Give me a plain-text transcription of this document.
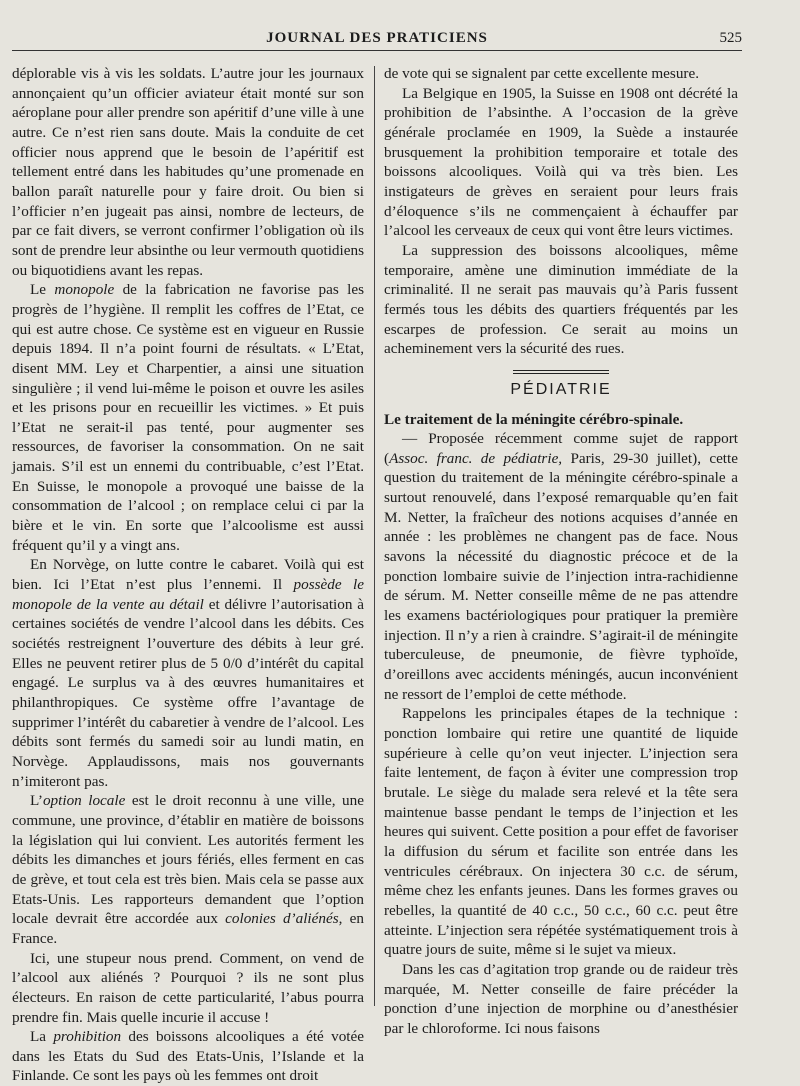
JOURNAL DES PRATICIENS	525

déplorable vis à vis les soldats. L’autre jour les journaux annonçaient qu’un officier aviateur était monté sur son aéroplane pour aller prendre son apéritif d’une ville à une autre. Ce n’est rien sans doute. Mais la conduite de cet officier nous apprend que le besoin de l’apéritif est tellement entré dans les habitudes qu’une promenade en ballon paraît naturelle pour y faire droit. Ou bien si l’officier n’en jugeait pas ainsi, nombre de lecteurs, de par ce fait divers, se verront confirmer l’obligation où ils sont de prendre leur absinthe ou leur vermouth quotidiens ou biquotidiens avant les repas.

Le monopole de la fabrication ne favorise pas les progrès de l’hygiène. Il remplit les coffres de l’Etat, ce qui est autre chose. Ce système est en vigueur en Russie depuis 1894. Il n’a point fourni de résultats. « L’Etat, disent MM. Ley et Charpentier, a ainsi une situation singulière ; il vend lui-même le poison et ouvre les asiles et les prisons pour en recueillir les victimes. » Et puis l’Etat ne serait-il pas tenté, pour augmenter ses ressources, de favoriser la consommation. On ne sait jamais. S’il est un ennemi du contribuable, c’est l’Etat. En Suisse, le monopole a provoqué une baisse de la consommation de l’alcool ; on remplace celui ci par la bière et le vin. En sorte que l’alcoolisme est aussi fréquent qu’il y a vingt ans.

En Norvège, on lutte contre le cabaret. Voilà qui est bien. Ici l’Etat n’est plus l’ennemi. Il possède le monopole de la vente au détail et délivre l’autorisation à certaines sociétés de vendre l’alcool dans les débits. Ces sociétés restreignent l’ouverture des débits à leur gré. Elles ne peuvent retirer plus de 5 0/0 d’intérêt du capital engagé. Le surplus va à des œuvres humanitaires et philanthropiques. Ce système offre l’avantage de supprimer l’intérêt du cabaretier à vendre de l’alcool. Les débits sont fermés du samedi soir au lundi matin, en Norvège. Applaudissons, mais nos gouvernants n’imiteront pas.

L’option locale est le droit reconnu à une ville, une commune, une province, d’établir en matière de boissons la législation qui lui convient. Les autorités ferment les débits les dimanches et jours fériés, elles ferment en cas de grève, et tout cela est très bien. Mais cela se passe aux Etats-Unis. Les rapporteurs demandent que l’option locale devrait être accordée aux colonies d’aliénés, en France.

Ici, une stupeur nous prend. Comment, on vend de l’alcool aux aliénés ? Pourquoi ? ils ne sont plus électeurs. En raison de cette particularité, l’abus pourra prendre fin. Mais quelle incurie il accuse !

La prohibition des boissons alcooliques a été votée dans les Etats du Sud des Etats-Unis, l’Islande et la Finlande. Ce sont les pays où les femmes ont droit

de vote qui se signalent par cette excellente mesure.

La Belgique en 1905, la Suisse en 1908 ont décrété la prohibition de l’absinthe. A l’occasion de la grève générale proclamée en 1909, la Suède a instaurée brusquement la prohibition temporaire et totale des boissons alcooliques. Voilà qui va très bien. Les instigateurs de grèves en seraient pour leurs frais d’éloquence s’ils ne commençaient à échauffer par l’alcool les cerveaux de ceux qui vont être leurs victimes.

La suppression des boissons alcooliques, même temporaire, amène une diminution immédiate de la criminalité. Il ne serait pas mauvais qu’à Paris fussent fermés tous les débits des quartiers fréquentés par les escarpes de profession. Ce serait au moins un acheminement vers la sécurité des rues.

PÉDIATRIE

Le traitement de la méningite cérébro-spinale.

— Proposée récemment comme sujet de rapport (Assoc. franc. de pédiatrie, Paris, 29-30 juillet), cette question du traitement de la méningite cérébro-spinale a surtout renouvelé, dans l’exposé remarquable qu’en fait M. Netter, la fraîcheur des notions acquises d’année en année : les problèmes ne changent pas de face. Nous savons la nécessité du diagnostic précoce et de la ponction lombaire suivie de l’injection intra-rachidienne de sérum. M. Netter conseille même de ne pas attendre les examens bactériologiques pour pratiquer la première injection. Il n’y a rien à craindre. S’agirait-il de méningite tuberculeuse, de pneumonie, de fièvre typhoïde, d’oreillons avec accidents méningés, aucun inconvénient ne ressort de l’emploi de cette méthode.

Rappelons les principales étapes de la technique : ponction lombaire qui retire une quantité de liquide supérieure à celle qu’on veut injecter. L’injection sera faite lentement, de façon à éviter une compression trop brutale. Le siège du malade sera relevé et la tête sera maintenue basse pendant le temps de l’injection et les heures qui suivent. Cette position a pour effet de favoriser la diffusion du sérum et facilite son entrée dans les ventricules cérébraux. On injectera 30 c.c. de sérum, même chez les enfants jeunes. Dans les formes graves ou rebelles, la quantité de 40 c.c., 50 c.c., 60 c.c. peut être atteinte. L’injection sera répétée systématiquement trois à quatre jours de suite, même si le sujet va mieux.

Dans les cas d’agitation trop grande ou de raideur très marquée, M. Netter conseille de faire précéder la ponction d’une injection de morphine ou d’anesthésier par le chloroforme. Ici nous faisons
